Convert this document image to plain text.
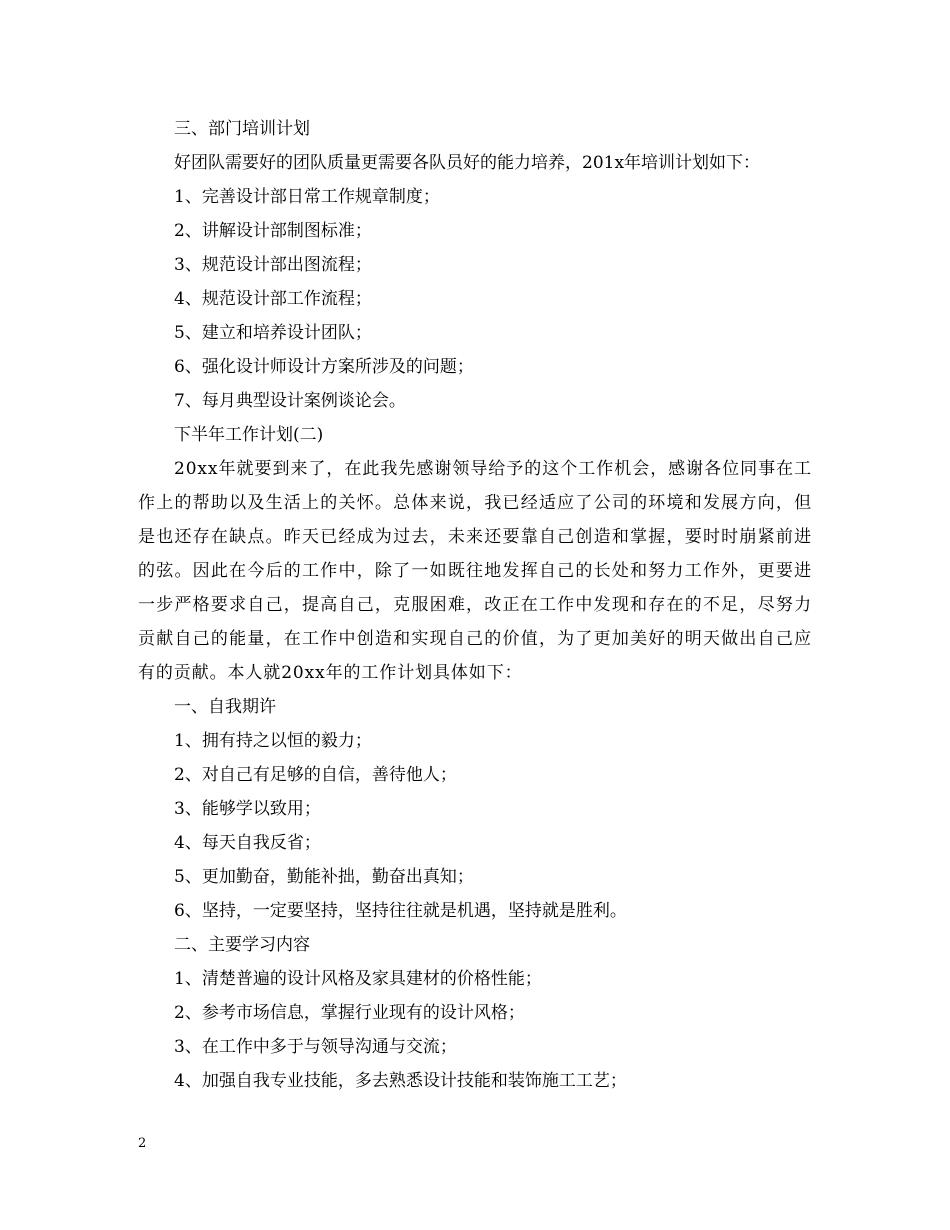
三、部门培训计划
好团队需要好的团队质量更需要各队员好的能力培养，201x年培训计划如下：
1、完善设计部日常工作规章制度；
2、讲解设计部制图标准；
3、规范设计部出图流程；
4、规范设计部工作流程；
5、建立和培养设计团队；
6、强化设计师设计方案所涉及的问题；
7、每月典型设计案例谈论会。
下半年工作计划(二)

20xx年就要到来了，在此我先感谢领导给予的这个工作机会，感谢各位同事在工作上的帮助以及生活上的关怀。总体来说，我已经适应了公司的环境和发展方向，但是也还存在缺点。昨天已经成为过去，未来还要靠自己创造和掌握，要时时崩紧前进的弦。因此在今后的工作中，除了一如既往地发挥自己的长处和努力工作外，更要进一步严格要求自己，提高自己，克服困难，改正在工作中发现和存在的不足，尽努力贡献自己的能量，在工作中创造和实现自己的价值，为了更加美好的明天做出自己应有的贡献。本人就20xx年的工作计划具体如下：

一、自我期许
1、拥有持之以恒的毅力；
2、对自己有足够的自信，善待他人；
3、能够学以致用；
4、每天自我反省；
5、更加勤奋，勤能补拙，勤奋出真知；
6、坚持，一定要坚持，坚持往往就是机遇，坚持就是胜利。
二、主要学习内容
1、清楚普遍的设计风格及家具建材的价格性能；
2、参考市场信息，掌握行业现有的设计风格；
3、在工作中多于与领导沟通与交流；
4、加强自我专业技能，多去熟悉设计技能和装饰施工工艺；
2
